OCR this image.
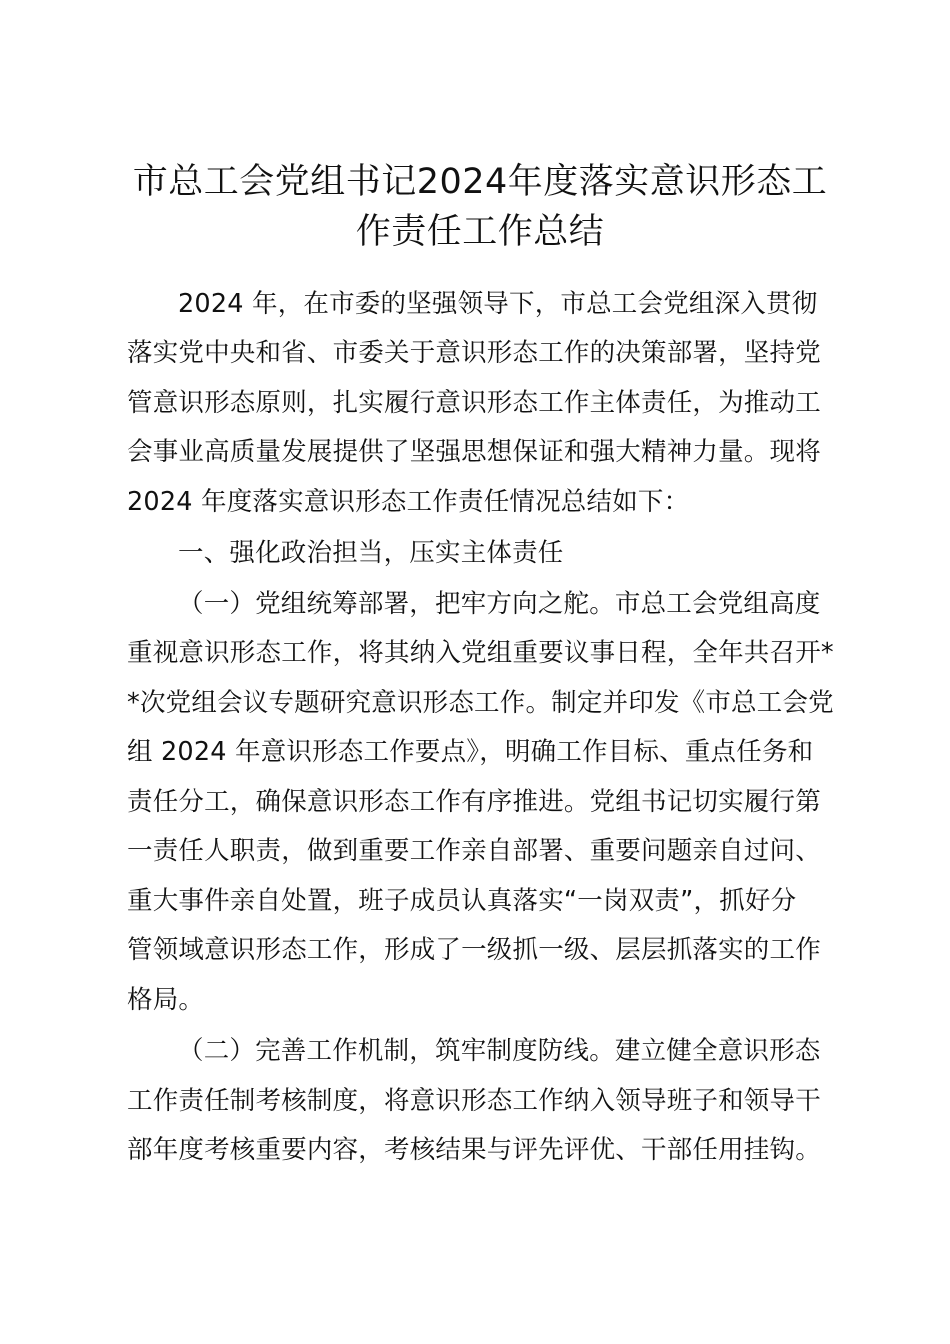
市总工会党组书记2024年度落实意识形态工
作责任工作总结
2024 年，在市委的坚强领导下，市总工会党组深入贯彻
落实党中央和省、市委关于意识形态工作的决策部署，坚持党
管意识形态原则，扎实履行意识形态工作主体责任，为推动工
会事业高质量发展提供了坚强思想保证和强大精神力量。现将
2024 年度落实意识形态工作责任情况总结如下：
一、强化政治担当，压实主体责任
（一）党组统筹部署，把牢方向之舵。市总工会党组高度
重视意识形态工作，将其纳入党组重要议事日程，全年共召开*
*次党组会议专题研究意识形态工作。制定并印发《市总工会党
组 2024 年意识形态工作要点》，明确工作目标、重点任务和
责任分工，确保意识形态工作有序推进。党组书记切实履行第
一责任人职责，做到重要工作亲自部署、重要问题亲自过问、
重大事件亲自处置，班子成员认真落实“一岗双责”，抓好分
管领域意识形态工作，形成了一级抓一级、层层抓落实的工作
格局。
（二）完善工作机制，筑牢制度防线。建立健全意识形态
工作责任制考核制度，将意识形态工作纳入领导班子和领导干
部年度考核重要内容，考核结果与评先评优、干部任用挂钩。
